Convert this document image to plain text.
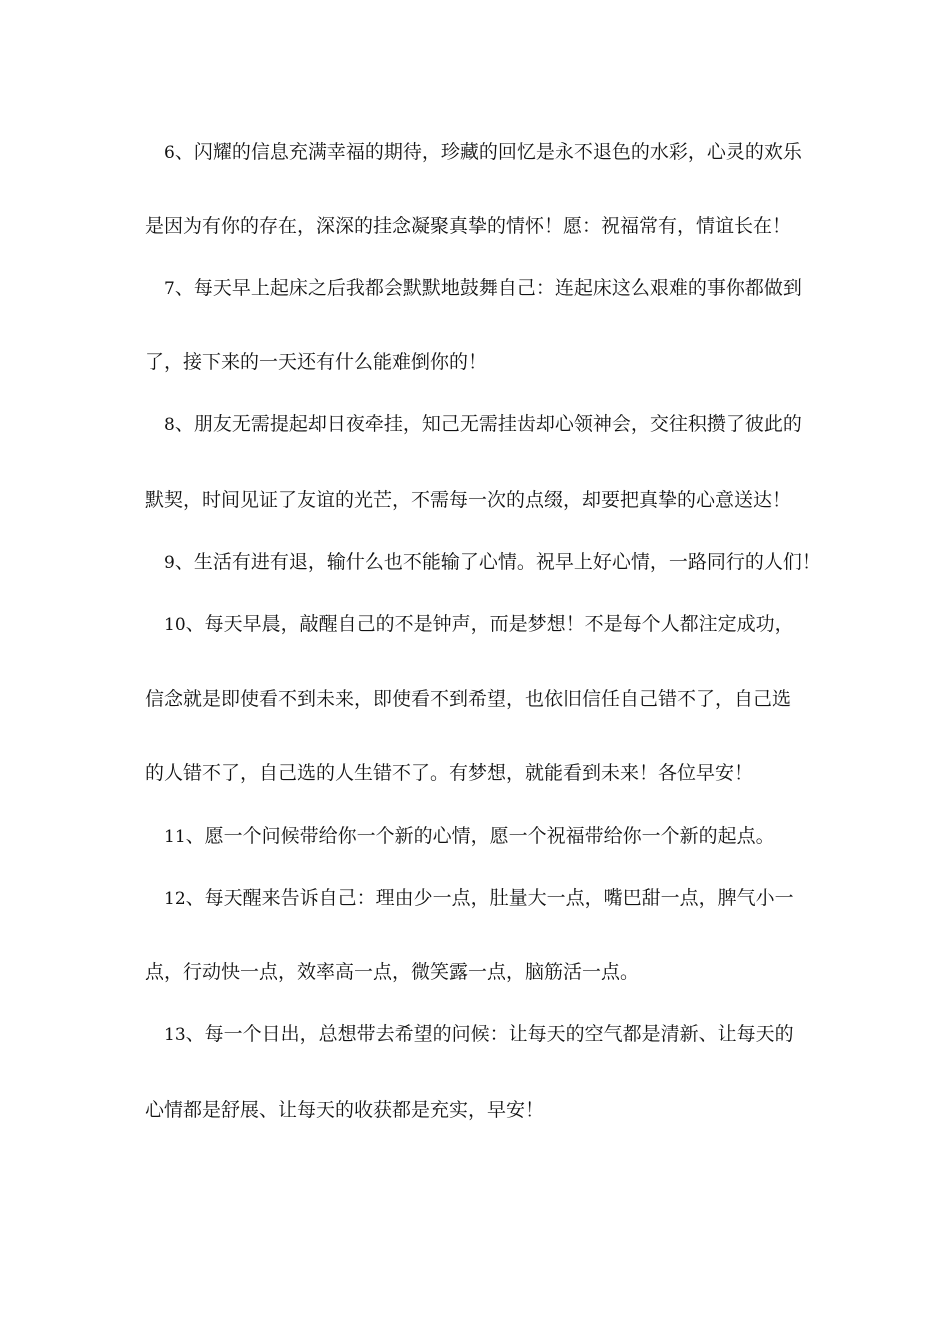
6、闪耀的信息充满幸福的期待，珍藏的回忆是永不退色的水彩，心灵的欢乐
是因为有你的存在，深深的挂念凝聚真挚的情怀！愿：祝福常有，情谊长在！
7、每天早上起床之后我都会默默地鼓舞自己：连起床这么艰难的事你都做到
了，接下来的一天还有什么能难倒你的！
8、朋友无需提起却日夜牵挂，知己无需挂齿却心领神会，交往积攒了彼此的
默契，时间见证了友谊的光芒，不需每一次的点缀，却要把真挚的心意送达！
9、生活有进有退，输什么也不能输了心情。祝早上好心情，一路同行的人们！
10、每天早晨，敲醒自己的不是钟声，而是梦想！不是每个人都注定成功，
信念就是即使看不到未来，即使看不到希望，也依旧信任自己错不了，自己选
的人错不了，自己选的人生错不了。有梦想，就能看到未来！各位早安！
11、愿一个问候带给你一个新的心情，愿一个祝福带给你一个新的起点。
12、每天醒来告诉自己：理由少一点，肚量大一点，嘴巴甜一点，脾气小一
点，行动快一点，效率高一点，微笑露一点，脑筋活一点。
13、每一个日出，总想带去希望的问候：让每天的空气都是清新、让每天的
心情都是舒展、让每天的收获都是充实，早安！
